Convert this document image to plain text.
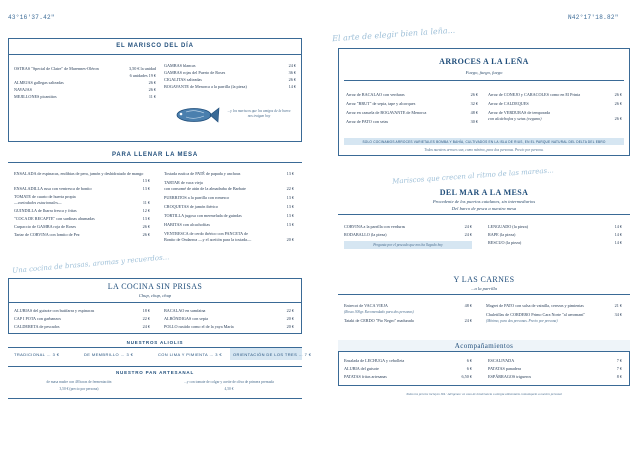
43°16'37.42"	N42°17'18.82"
El arte de elegir bien la leña...
Una cocina de brasas, aromas y recuerdos...
Mariscos que crecen al ritmo de las mareas...
EL MARISCO DEL DÍA
OSTRAS "Special de Claire" de Marennes-Oléron	3,50 € la unidad
6 unidades 19 €
ALMEJAS gallegas salteadas	26 €
NAVAJAS	26 €
MEJILLONES picantitos	11 €
GAMBAS blancas	24 €
GAMBAS rojas del Puerto de Roses	36 €
CIGALITAS salteadas	26 €
BOGAVANTE de Menorca a la parrilla (la pieza)	14 €
...y los mariscos que los amigos de la barra nos traigan hoy
PARA LLENAR LA MESA
ENSALADA de espinacas, endibias de pera, jamón y deshidratado de mango
13 €
ENSALADILLA rusa con ventresca de bonito	13 €
TOMATE de cuarto de huerta propia
—variedades estacionales—	11 €
GUINDILLA de Ibarra fresca y fritas	12 €
"COCA DE RECAPTE" con sardinas ahumadas	13 €
Carpaccio de GAMBA roja de Roses	26 €
Tartar de CORVINA con lomito de Pez	26 €
Tostada rustica de PATÉ de papada y anchoas	13 €
TARTAR de vaca vieja
con consomé de atún de la almadraba de Barbate	22 €
PUERRITOS a la parrilla con romesco	13 €
CROQUETAS de jamón ibérico	13 €
TORTILLA jugosa con mermelada de guindas	13 €
HABITAS con alcachofitas	13 €
VENTRESCA de cerdo ibérico con PANCETA de
Bonito de Ondarroa —y el aceitón para la tostada—	20 €
LA COCINA SIN PRISAS
Chup, chup, chup
ALUBIAS del guisote con butifarra y espinacas	18 €
CAP I POTA con garbanzos	22 €
CALDERETA de pescados	24 €
BACALAO en samfaina	22 €
ALBÓNDIGAS con sepia	20 €
POLLO rustido como el de la yaya María	20 €
NUESTROS ALIOLIS
TRADICIONAL … 3 €	DE MEMBRILLO … 3 €	CON LIMA Y PIMIENTA … 3 €	ORIENTACIÓN DE LOS TRES … 7 €
NUESTRO PAN ARTESANAL
de masa madre con 48 horas de fermentación
3,50 € (precio por persona)
...y con tomate de colgar y aceite de oliva de primera prensada
4,50 €
ARROCES A LA LEÑA
Fuego, fuego, fuego
Arroz de BACALAO con verduras	26 €
Arroz "BRUT" de sepia, tape y alcorques	32 €
Arroz en cazuela de BOGAVANTE de Menorca	48 €
Arroz de PATO con setas	30 €
Arroz de CONEJO y CARACOLES como en El Prinia	26 €
Arroz de CALDEQUES	26 €
Arroz de VERDURAS de temporada
con alcáchofas y setas (vegano)	26 €
SOLO COCINAMOS ARROCES VARIETALES BOMBA Y BAHÍA, CULTIVADOS EN LA ISLA DE RIUS, EN EL PARQUE NATURAL DEL DELTA DEL EBRO
Todos nuestros arroces son, como mínimo, para dos personas. Precio por persona.
DEL MAR A LA MESA
Procedente de los puertos catalanes, sin intermediarios
Del barco de pesca a nuestra mesa
CORVINA a la parrilla con verduras	24 €
RODABALLO (la pieza)	24 €
Pregunta por el pescado que nos ha llegado hoy
LENGUADO (la pieza)	14 €
RAPE (la pieza)	14 €
RESCUO (la pieza)	14 €
Y LAS CARNES
...a la parrilla
Entrecot de VACA VIEJA	48 €
(Rosso 300gr. Recomendado para dos personas)
Tataki de CERDO "Pio Negro" madurada	24 €
Magret de PATO con salsa de vainilla, cerezas y pimientas	21 €
Chuletillas de CORDERO Primo Cara Norte "al aeromant"	34 €
(Mínimo, para dos personas. Precio por persona)
Acompañamientos
Ensalada de LECHUGA y cebolleta	6 €
ALUBIA del guisote	6 €
PATATAS fritas artesanas	6,50 €
ESCALIVADA	7 €
PATATAS panadera	7 €
ESPÁRRAGOS trigueros	8 €
Todos los precios incluyen IVA · Alérgenos: en caso de intolerancia o alergia alimentaria comuníquelo a nuestro personal
